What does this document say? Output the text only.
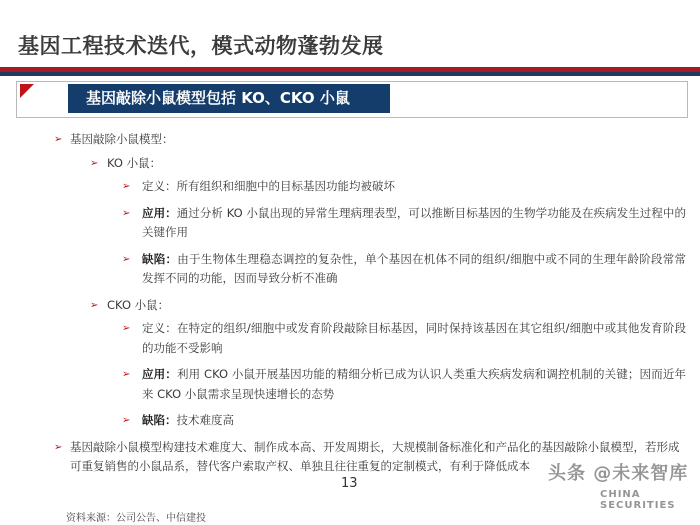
基因工程技术迭代，模式动物蓬勃发展
基因敲除小鼠模型包括 KO、CKO 小鼠
➢ 基因敲除小鼠模型：
➢ KO 小鼠：
➢ 定义：所有组织和细胞中的目标基因功能均被破坏
➢ 应用：通过分析 KO 小鼠出现的异常生理病理表型，可以推断目标基因的生物学功能及在疾病发生过程中的关键作用
➢ 缺陷：由于生物体生理稳态调控的复杂性，单个基因在机体不同的组织/细胞中或不同的生理年龄阶段常常发挥不同的功能，因而导致分析不准确
➢ CKO 小鼠：
➢ 定义：在特定的组织/细胞中或发育阶段敲除目标基因，同时保持该基因在其它组织/细胞中或其他发育阶段的功能不受影响
➢ 应用：利用 CKO 小鼠开展基因功能的精细分析已成为认识人类重大疾病发病和调控机制的关键；因而近年来 CKO 小鼠需求呈现快速增长的态势
➢ 缺陷：技术难度高
➢ 基因敲除小鼠模型构建技术难度大、制作成本高、开发周期长，大规模制备标准化和产品化的基因敲除小鼠模型，若形成可重复销售的小鼠品系，替代客户索取产权、单独且往往重复的定制模式，有利于降低成本
13
资料来源：公司公告、中信建投
头条 @未来智库
CHINA SECURITIES
